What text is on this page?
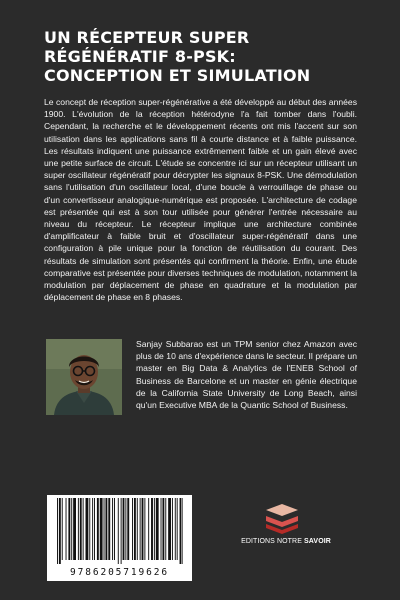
UN RÉCEPTEUR SUPER
RÉGÉNÉRATIF 8-PSK:
CONCEPTION ET SIMULATION
Le concept de réception super-régénérative a été développé au début des années 1900. L'évolution de la réception hétérodyne l'a fait tomber dans l'oubli. Cependant, la recherche et le développement récents ont mis l'accent sur son utilisation dans les applications sans fil à courte distance et à faible puissance. Les résultats indiquent une puissance extrêmement faible et un gain élevé avec une petite surface de circuit. L'étude se concentre ici sur un récepteur utilisant un super oscillateur régénératif pour décrypter les signaux 8-PSK. Une démodulation sans l'utilisation d'un oscillateur local, d'une boucle à verrouillage de phase ou d'un convertisseur analogique-numérique est proposée. L'architecture de codage est présentée qui est à son tour utilisée pour générer l'entrée nécessaire au niveau du récepteur. Le récepteur implique une architecture combinée d'amplificateur à faible bruit et d'oscillateur super-régénératif dans une configuration à pile unique pour la fonction de réutilisation du courant. Des résultats de simulation sont présentés qui confirment la théorie. Enfin, une étude comparative est présentée pour diverses techniques de modulation, notamment la modulation par déplacement de phase en quadrature et la modulation par déplacement de phase en 8 phases.
Sanjay Subbarao est un TPM senior chez Amazon avec plus de 10 ans d'expérience dans le secteur. Il prépare un master en Big Data & Analytics de l'ENEB School of Business de Barcelone et un master en génie électrique de la California State University de Long Beach, ainsi qu'un Executive MBA de la Quantic School of Business.
9786205719626
EDITIONS NOTRE SAVOIR
